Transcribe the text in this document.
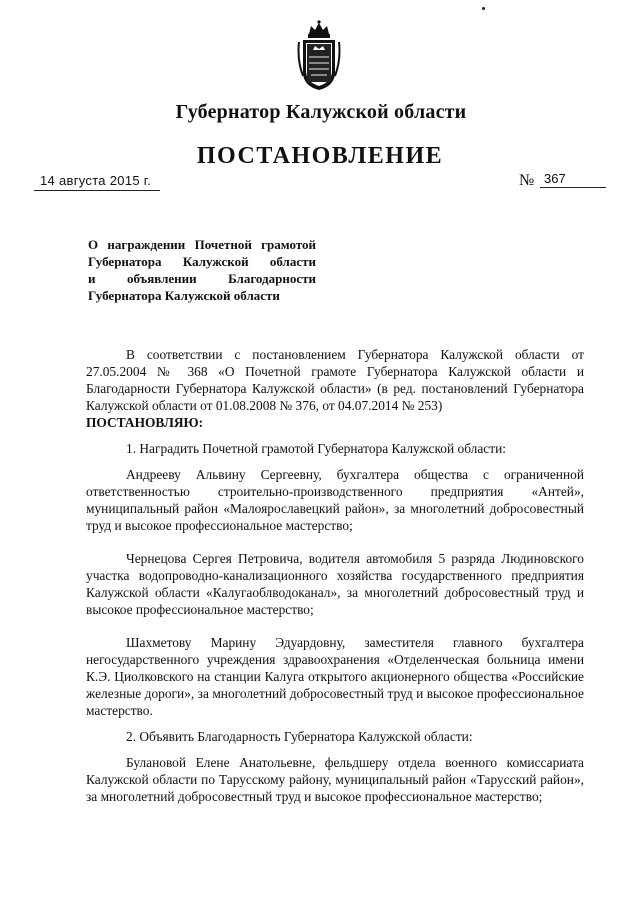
Губернатор Калужской области
ПОСТАНОВЛЕНИЕ
14 августа 2015 г.	№ 367
О награждении Почетной грамотой
Губернатора Калужской области
и объявлении Благодарности
Губернатора Калужской области

В соответствии с постановлением Губернатора Калужской области от 27.05.2004 № 368 «О Почетной грамоте Губернатора Калужской области и Благодарности Губернатора Калужской области» (в ред. постановлений Губернатора Калужской области от 01.08.2008 № 376, от 04.07.2014 № 253)

ПОСТАНОВЛЯЮ:

1. Наградить Почетной грамотой Губернатора Калужской области:

Андрееву Альвину Сергеевну, бухгалтера общества с ограниченной ответственностью строительно-производственного предприятия «Антей», муниципальный район «Малоярославецкий район», за многолетний добросовестный труд и высокое профессиональное мастерство;

Чернецова Сергея Петровича, водителя автомобиля 5 разряда Людиновского участка водопроводно-канализационного хозяйства государственного предприятия Калужской области «Калугаоблводоканал», за многолетний добросовестный труд и высокое профессиональное мастерство;

Шахметову Марину Эдуардовну, заместителя главного бухгалтера негосударственного учреждения здравоохранения «Отделенческая больница имени К.Э. Циолковского на станции Калуга открытого акционерного общества «Российские железные дороги», за многолетний добросовестный труд и высокое профессиональное мастерство.

2. Объявить Благодарность Губернатора Калужской области:

Булановой Елене Анатольевне, фельдшеру отдела военного комиссариата Калужской области по Тарусскому району, муниципальный район «Тарусский район», за многолетний добросовестный труд и высокое профессиональное мастерство;
